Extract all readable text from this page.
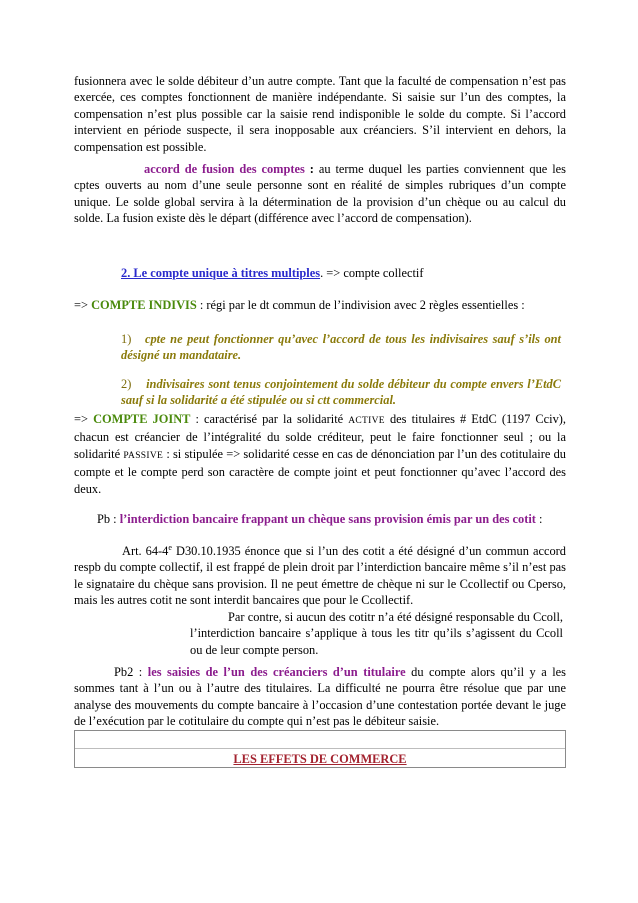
fusionnera avec le solde débiteur d’un autre compte. Tant que la faculté de compensation n’est pas exercée, ces comptes fonctionnent de manière indépendante. Si saisie sur l’un des comptes, la compensation n’est plus possible car la saisie rend indisponible le solde du compte. Si l’accord intervient en période suspecte, il sera inopposable aux créanciers. S’il intervient en dehors, la compensation est possible.
accord de fusion des comptes : au terme duquel les parties conviennent que les cptes ouverts au nom d’une seule personne sont en réalité de simples rubriques d’un compte unique. Le solde global servira à la détermination de la provision d’un chèque ou au calcul du solde. La fusion existe dès le départ (différence avec l’accord de compensation).
2. Le compte unique à titres multiples. => compte collectif
=> COMPTE INDIVIS : régi par le dt commun de l’indivision avec 2 règles essentielles :
1) cpte ne peut fonctionner qu’avec l’accord de tous les indivisaires sauf s’ils ont désigné un mandataire.
2) indivisaires sont tenus conjointement du solde débiteur du compte envers l’EtdC sauf si la solidarité a été stipulée ou si ctt commercial.
=> COMPTE JOINT : caractérisé par la solidarité ACTIVE des titulaires # EtdC (1197 Cciv), chacun est créancier de l’intégralité du solde créditeur, peut le faire fonctionner seul ; ou la solidarité PASSIVE : si stipulée => solidarité cesse en cas de dénonciation par l’un des cotitulaire du compte et le compte perd son caractère de compte joint et peut fonctionner qu’avec l’accord des deux.
Pb : l’interdiction bancaire frappant un chèque sans provision émis par un des cotit :
Art. 64-4e D30.10.1935 énonce que si l’un des cotit a été désigné d’un commun accord respb du compte collectif, il est frappé de plein droit par l’interdiction bancaire même s’il n’est pas le signataire du chèque sans provision. Il ne peut émettre de chèque ni sur le Ccollectif ou Cperso, mais les autres cotit ne sont interdit bancaires que pour le Ccollectif.
Par contre, si aucun des cotitr n’a été désigné responsable du Ccoll, l’interdiction bancaire s’applique à tous les titr qu’ils s’agissent du Ccoll ou de leur compte person.
Pb2 : les saisies de l’un des créanciers d’un titulaire du compte alors qu’il y a les sommes tant à l’un ou à l’autre des titulaires. La difficulté ne pourra être résolue que par une analyse des mouvements du compte bancaire à l’occasion d’une contestation portée devant le juge de l’exécution par le cotitulaire du compte qui n’est pas le débiteur saisie.
LES EFFETS DE COMMERCE
